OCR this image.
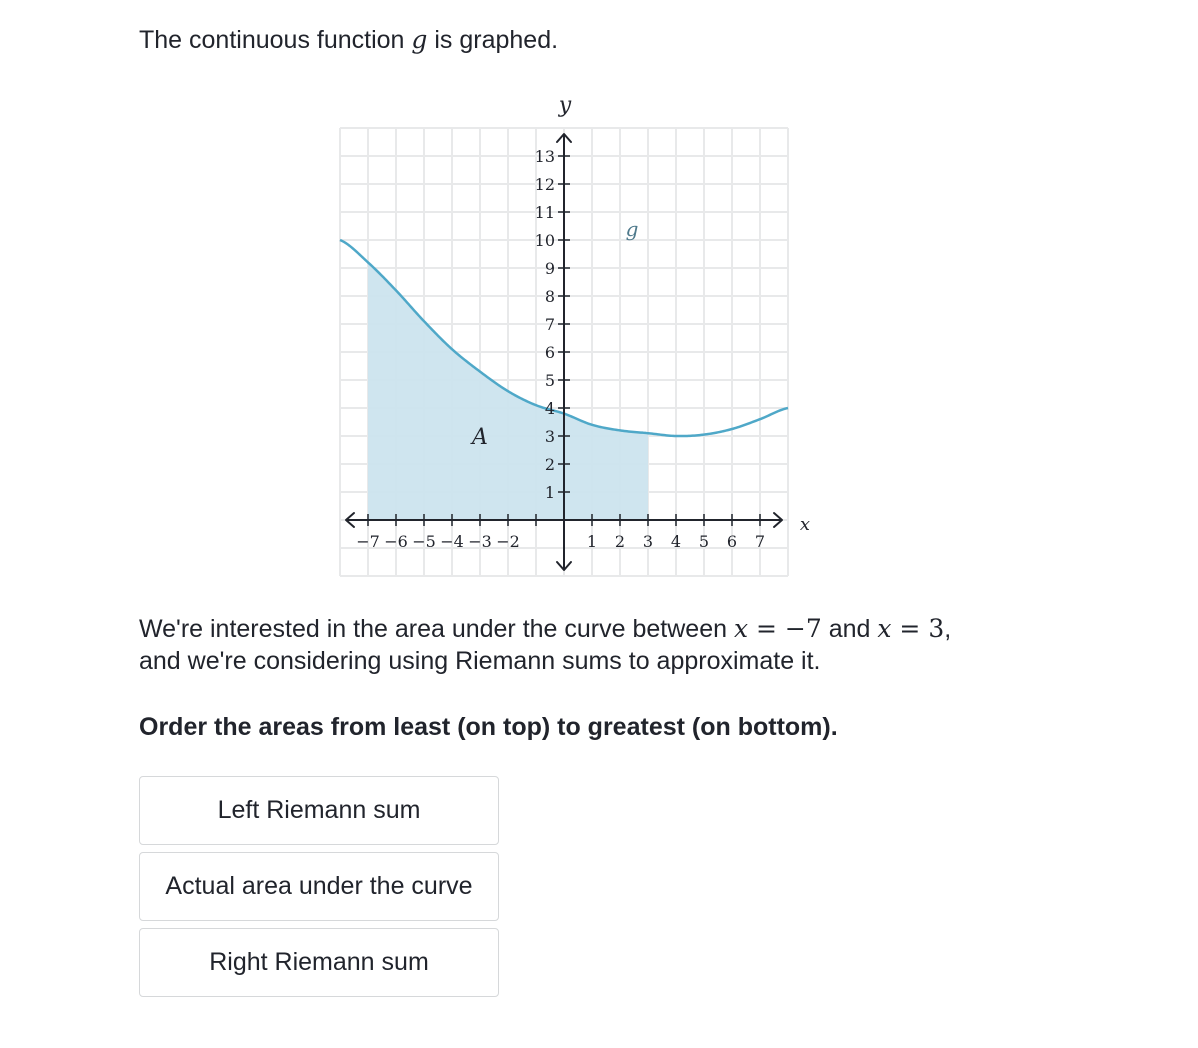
The continuous function g is graphed.

−7 −6 −5 −4 −3 −2	1 2 3 4 5 6 7
13
12
11
10
9
8
7
6
5
4
3
2
1
y
x
g
A
We're interested in the area under the curve between x = −7 and x = 3,
and we're considering using Riemann sums to approximate it.

Order the areas from least (on top) to greatest (on bottom).

Left Riemann sum
Actual area under the curve
Right Riemann sum
